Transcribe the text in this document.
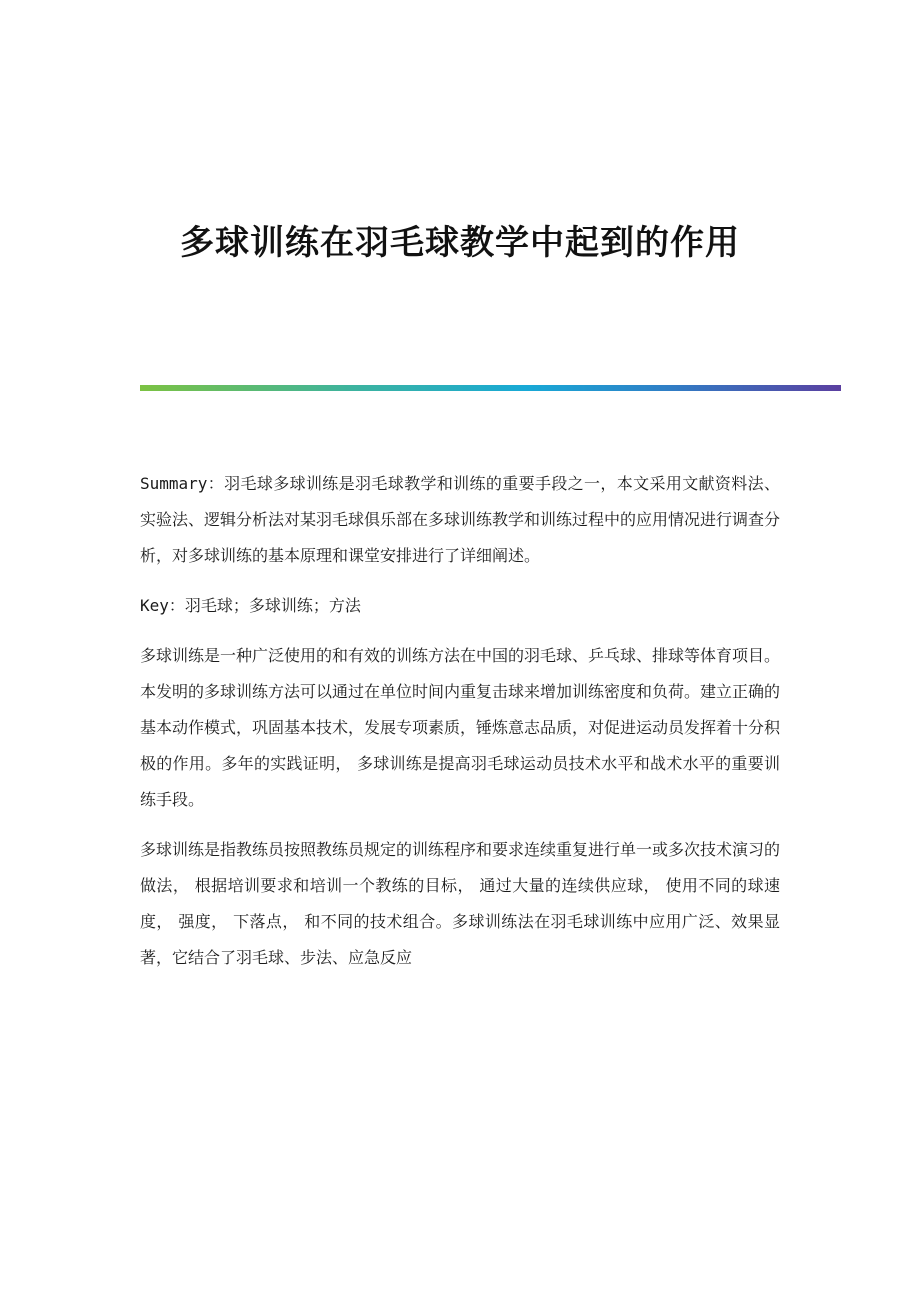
多球训练在羽毛球教学中起到的作用

Summary：羽毛球多球训练是羽毛球教学和训练的重要手段之一，本文采用文献资料法、实验法、逻辑分析法对某羽毛球俱乐部在多球训练教学和训练过程中的应用情况进行调查分析，对多球训练的基本原理和课堂安排进行了详细阐述。

Key：羽毛球；多球训练；方法

多球训练是一种广泛使用的和有效的训练方法在中国的羽毛球、乒乓球、排球等体育项目。本发明的多球训练方法可以通过在单位时间内重复击球来增加训练密度和负荷。建立正确的基本动作模式，巩固基本技术，发展专项素质，锤炼意志品质，对促进运动员发挥着十分积极的作用。多年的实践证明， 多球训练是提高羽毛球运动员技术水平和战术水平的重要训练手段。

多球训练是指教练员按照教练员规定的训练程序和要求连续重复进行单一或多次技术演习的做法， 根据培训要求和培训一个教练的目标， 通过大量的连续供应球， 使用不同的球速度， 强度， 下落点， 和不同的技术组合。多球训练法在羽毛球训练中应用广泛、效果显著，它结合了羽毛球、步法、应急反应
